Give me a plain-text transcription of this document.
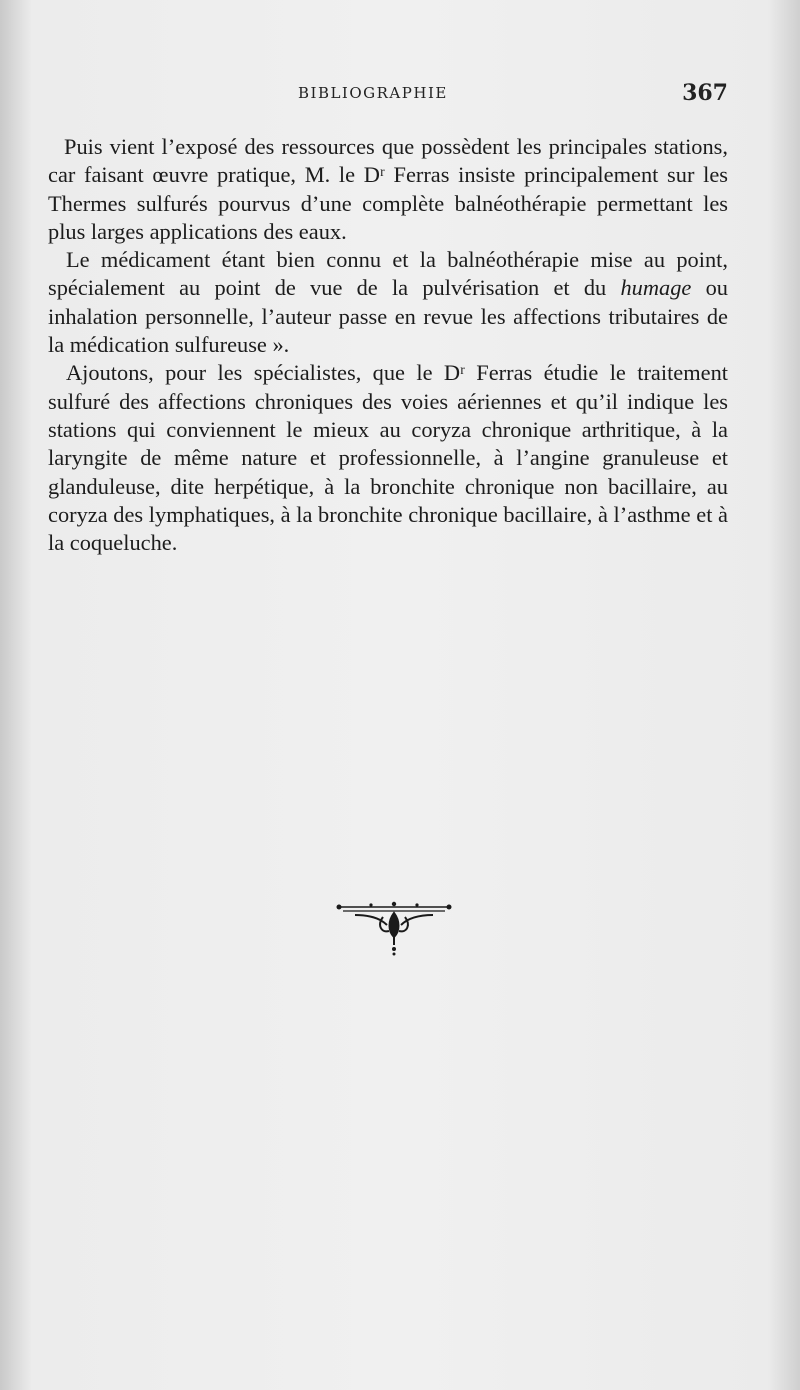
BIBLIOGRAPHIE	367

Puis vient l’exposé des ressources que possèdent les principales stations, car faisant œuvre pratique, M. le Dʳ Ferras insiste principalement sur les Thermes sulfurés pourvus d’une complète balnéothérapie permettant les plus larges applications des eaux.

Le médicament étant bien connu et la balnéothérapie mise au point, spécialement au point de vue de la pulvérisation et du humage ou inhalation personnelle, l’auteur passe en revue les affections tributaires de la médication sulfureuse ».

Ajoutons, pour les spécialistes, que le Dʳ Ferras étudie le traitement sulfuré des affections chroniques des voies aériennes et qu’il indique les stations qui conviennent le mieux au coryza chronique arthritique, à la laryngite de même nature et professionnelle, à l’angine granuleuse et glanduleuse, dite herpétique, à la bronchite chronique non bacillaire, au coryza des lymphatiques, à la bronchite chronique bacillaire, à l’asthme et à la coqueluche.
